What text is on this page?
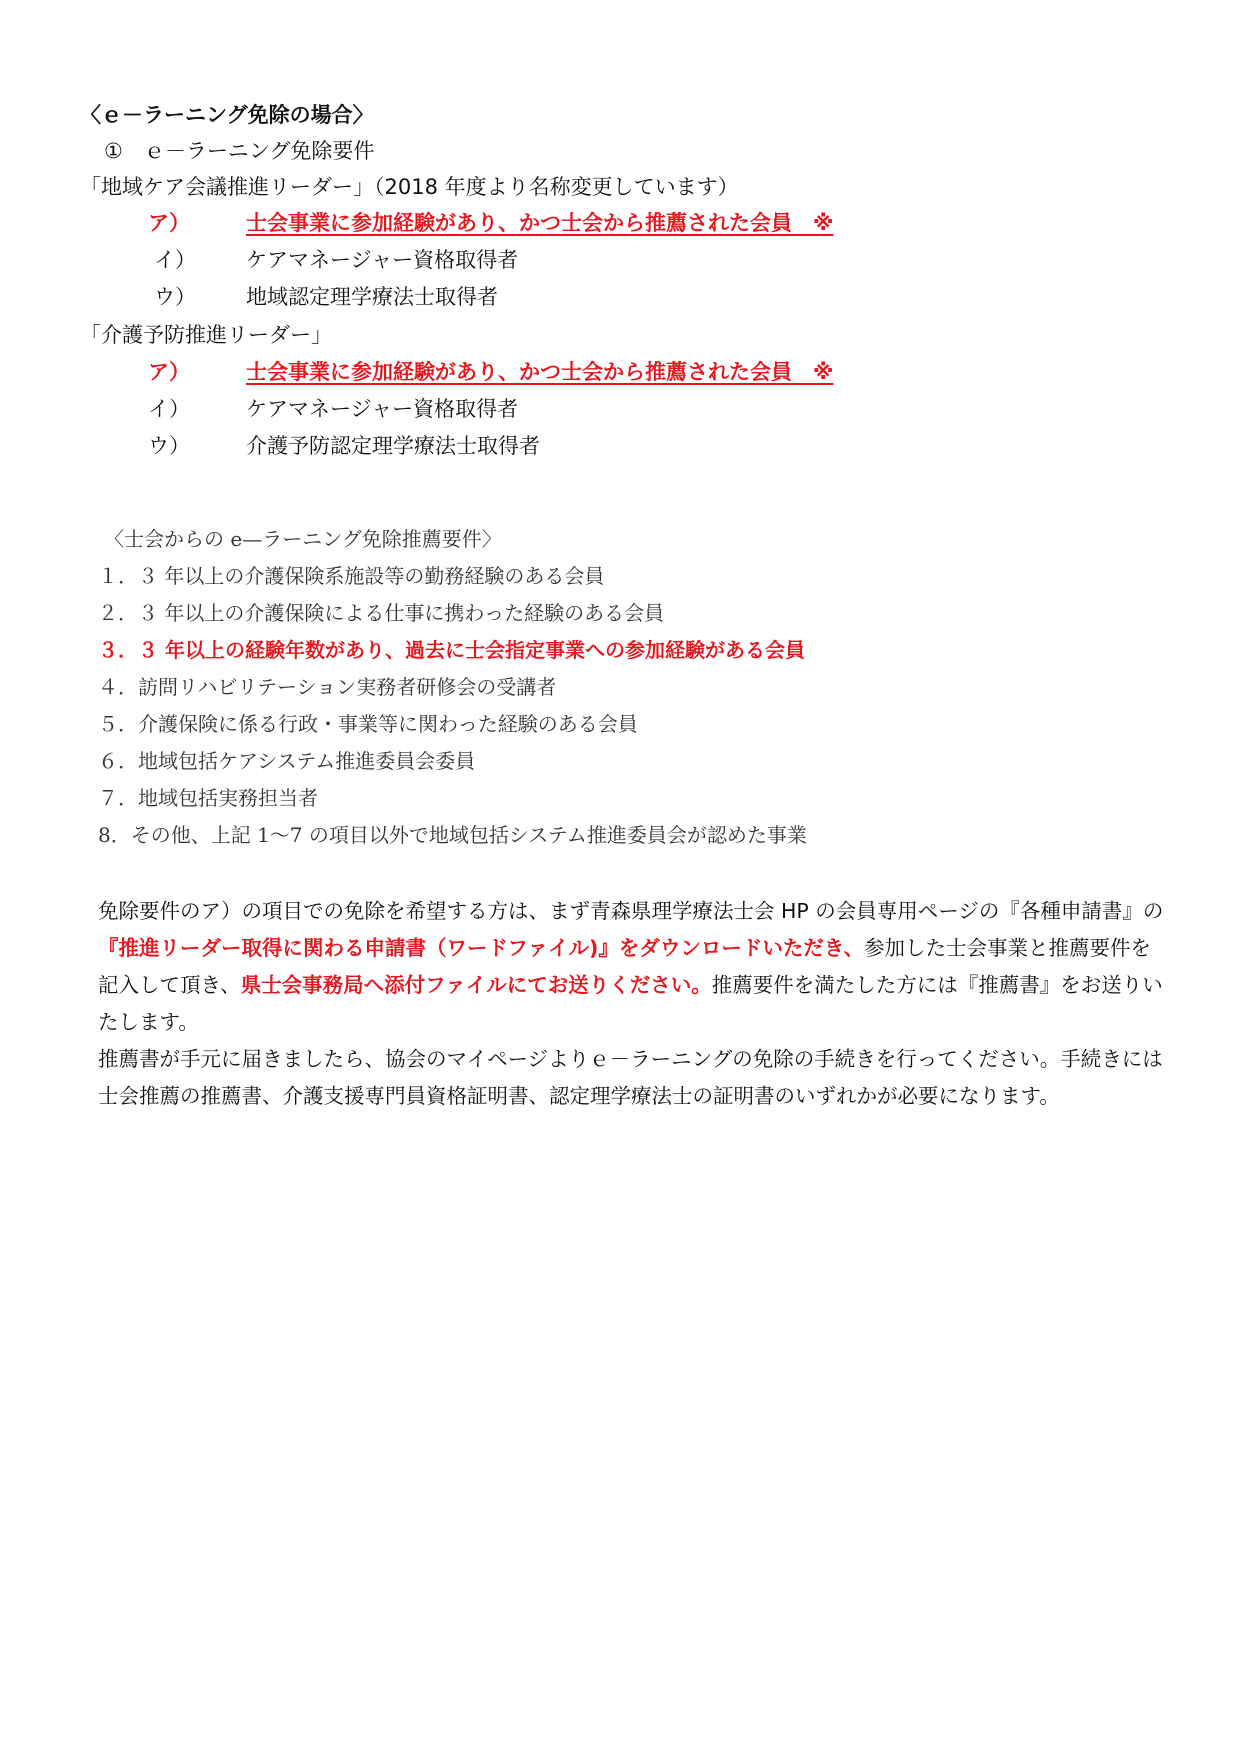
〈ｅ－ラーニング免除の場合〉
①　ｅ－ラーニング免除要件
「地域ケア会議推進リーダー」（2018 年度より名称変更しています）
ア）	士会事業に参加経験があり、かつ士会から推薦された会員　※
イ） ケアマネージャー資格取得者
ウ） 地域認定理学療法士取得者
「介護予防推進リーダー」
ア）	士会事業に参加経験があり、かつ士会から推薦された会員　※
イ）	ケアマネージャー資格取得者
ウ）	介護予防認定理学療法士取得者
〈士会からの e—ラーニング免除推薦要件〉
１．３ 年以上の介護保険系施設等の勤務経験のある会員
２．３ 年以上の介護保険による仕事に携わった経験のある会員
３．３ 年以上の経験年数があり、過去に士会指定事業への参加経験がある会員
４．訪問リハビリテーション実務者研修会の受講者
５．介護保険に係る行政・事業等に関わった経験のある会員
６．地域包括ケアシステム推進委員会委員
７．地域包括実務担当者
8．その他、上記 1～7 の項目以外で地域包括システム推進委員会が認めた事業
免除要件のア）の項目での免除を希望する方は、まず青森県理学療法士会 HP の会員専用ページの『各種申請書』の『推進リーダー取得に関わる申請書（ワードファイル)』をダウンロードいただき、参加した士会事業と推薦要件を記入して頂き、県士会事務局へ添付ファイルにてお送りください。推薦要件を満たした方には『推薦書』をお送りいたします。
推薦書が手元に届きましたら、協会のマイページよりｅ－ラーニングの免除の手続きを行ってください。手続きには士会推薦の推薦書、介護支援専門員資格証明書、認定理学療法士の証明書のいずれかが必要になります。
